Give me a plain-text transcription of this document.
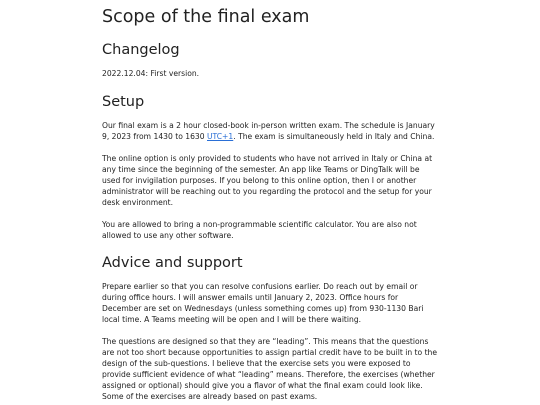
Scope of the final exam
Changelog

2022.12.04: First version.

Setup

Our final exam is a 2 hour closed-book in-person written exam. The schedule is January 9, 2023 from 1430 to 1630 UTC+1. The exam is simultaneously held in Italy and China.

The online option is only provided to students who have not arrived in Italy or China at any time since the beginning of the semester. An app like Teams or DingTalk will be used for invigilation purposes. If you belong to this online option, then I or another administrator will be reaching out to you regarding the protocol and the setup for your desk environment.

You are allowed to bring a non-programmable scientific calculator. You are also not allowed to use any other software.

Advice and support

Prepare earlier so that you can resolve confusions earlier. Do reach out by email or during office hours. I will answer emails until January 2, 2023. Office hours for December are set on Wednesdays (unless something comes up) from 930-1130 Bari local time. A Teams meeting will be open and I will be there waiting.

The questions are designed so that they are “leading”. This means that the questions are not too short because opportunities to assign partial credit have to be built in to the design of the sub-questions. I believe that the exercise sets you were exposed to provide sufficient evidence of what “leading” means. Therefore, the exercises (whether assigned or optional) should give you a flavor of what the final exam could look like. Some of the exercises are already based on past exams.
